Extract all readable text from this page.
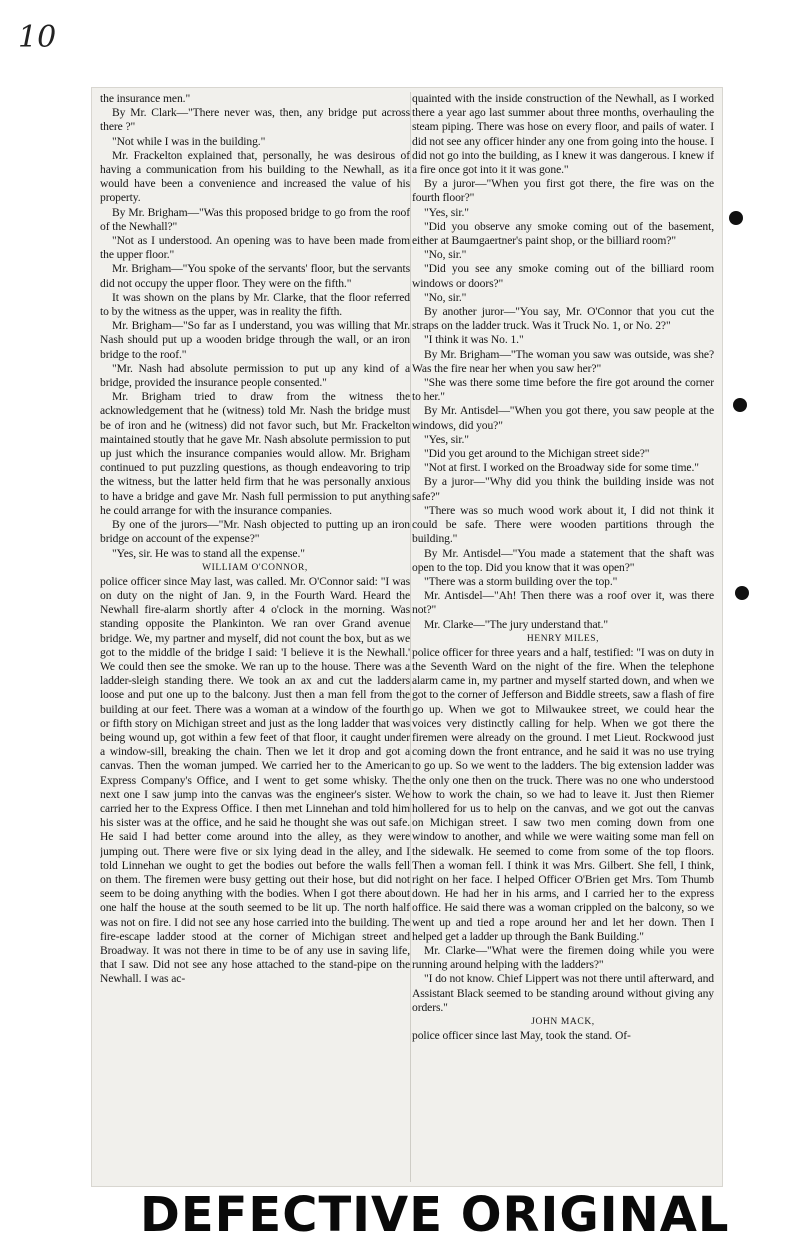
10

the insurance men."

By Mr. Clark—"There never was, then, any bridge put across there ?"

"Not while I was in the building."

Mr. Frackelton explained that, personally, he was desirous of having a communication from his building to the Newhall, as it would have been a convenience and increased the value of his property.

By Mr. Brigham—"Was this proposed bridge to go from the roof of the Newhall?"

"Not as I understood. An opening was to have been made from the upper floor."

Mr. Brigham—"You spoke of the servants' floor, but the servants did not occupy the upper floor. They were on the fifth."

It was shown on the plans by Mr. Clarke, that the floor referred to by the witness as the upper, was in reality the fifth.

Mr. Brigham—"So far as I understand, you was willing that Mr. Nash should put up a wooden bridge through the wall, or an iron bridge to the roof."

"Mr. Nash had absolute permission to put up any kind of a bridge, provided the insurance people consented."

Mr. Brigham tried to draw from the witness the acknowledgement that he (witness) told Mr. Nash the bridge must be of iron and he (witness) did not favor such, but Mr. Frackelton maintained stoutly that he gave Mr. Nash absolute permission to put up just which the insurance companies would allow. Mr. Brigham continued to put puzzling questions, as though endeavoring to trip the witness, but the latter held firm that he was personally anxious to have a bridge and gave Mr. Nash full permission to put anything he could arrange for with the insurance companies.

By one of the jurors—"Mr. Nash objected to putting up an iron bridge on account of the expense?"

"Yes, sir. He was to stand all the expense."

WILLIAM O'CONNOR,

police officer since May last, was called. Mr. O'Connor said: "I was on duty on the night of Jan. 9, in the Fourth Ward. Heard the Newhall fire-alarm shortly after 4 o'clock in the morning. Was standing opposite the Plankinton. We ran over Grand avenue bridge. We, my partner and myself, did not count the box, but as we got to the middle of the bridge I said: 'I believe it is the Newhall.' We could then see the smoke. We ran up to the house. There was a ladder-sleigh standing there. We took an ax and cut the ladders loose and put one up to the balcony. Just then a man fell from the building at our feet. There was a woman at a window of the fourth or fifth story on Michigan street and just as the long ladder that was being wound up, got within a few feet of that floor, it caught under a window-sill, breaking the chain. Then we let it drop and got a canvas. Then the woman jumped. We carried her to the American Express Company's Office, and I went to get some whisky. The next one I saw jump into the canvas was the engineer's sister. We carried her to the Express Office. I then met Linnehan and told him his sister was at the office, and he said he thought she was out safe. He said I had better come around into the alley, as they were jumping out. There were five or six lying dead in the alley, and I told Linnehan we ought to get the bodies out before the walls fell on them. The firemen were busy getting out their hose, but did not seem to be doing anything with the bodies. When I got there about one half the house at the south seemed to be lit up. The north half was not on fire. I did not see any hose carried into the building. The fire-escape ladder stood at the corner of Michigan street and Broadway. It was not there in time to be of any use in saving life, that I saw. Did not see any hose attached to the stand-pipe on the Newhall. I was ac-

quainted with the inside construction of the Newhall, as I worked there a year ago last summer about three months, overhauling the steam piping. There was hose on every floor, and pails of water. I did not see any officer hinder any one from going into the house. I did not go into the building, as I knew it was dangerous. I knew if a fire once got into it it was gone."

By a juror—"When you first got there, the fire was on the fourth floor?"

"Yes, sir."

"Did you observe any smoke coming out of the basement, either at Baumgaertner's paint shop, or the billiard room?"

"No, sir."

"Did you see any smoke coming out of the billiard room windows or doors?"

"No, sir."

By another juror—"You say, Mr. O'Connor that you cut the straps on the ladder truck. Was it Truck No. 1, or No. 2?"

"I think it was No. 1."

By Mr. Brigham—"The woman you saw was outside, was she? Was the fire near her when you saw her?"

"She was there some time before the fire got around the corner to her."

By Mr. Antisdel—"When you got there, you saw people at the windows, did you?"

"Yes, sir."

"Did you get around to the Michigan street side?"

"Not at first. I worked on the Broadway side for some time."

By a juror—"Why did you think the building inside was not safe?"

"There was so much wood work about it, I did not think it could be safe. There were wooden partitions through the building."

By Mr. Antisdel—"You made a statement that the shaft was open to the top. Did you know that it was open?"

"There was a storm building over the top."

Mr. Antisdel—"Ah! Then there was a roof over it, was there not?"

Mr. Clarke—"The jury understand that."

HENRY MILES,

police officer for three years and a half, testified: "I was on duty in the Seventh Ward on the night of the fire. When the telephone alarm came in, my partner and myself started down, and when we got to the corner of Jefferson and Biddle streets, saw a flash of fire go up. When we got to Milwaukee street, we could hear the voices very distinctly calling for help. When we got there the firemen were already on the ground. I met Lieut. Rockwood just coming down the front entrance, and he said it was no use trying to go up. So we went to the ladders. The big extension ladder was the only one then on the truck. There was no one who understood how to work the chain, so we had to leave it. Just then Riemer hollered for us to help on the canvas, and we got out the canvas on Michigan street. I saw two men coming down from one window to another, and while we were waiting some man fell on the sidewalk. He seemed to come from some of the top floors. Then a woman fell. I think it was Mrs. Gilbert. She fell, I think, right on her face. I helped Officer O'Brien get Mrs. Tom Thumb down. He had her in his arms, and I carried her to the express office. He said there was a woman crippled on the balcony, so we went up and tied a rope around her and let her down. Then I helped get a ladder up through the Bank Building."

Mr. Clarke—"What were the firemen doing while you were running around helping with the ladders?"

"I do not know. Chief Lippert was not there until afterward, and Assistant Black seemed to be standing around without giving any orders."

JOHN MACK,

police officer since last May, took the stand. Of-

DEFECTIVE ORIGINAL
